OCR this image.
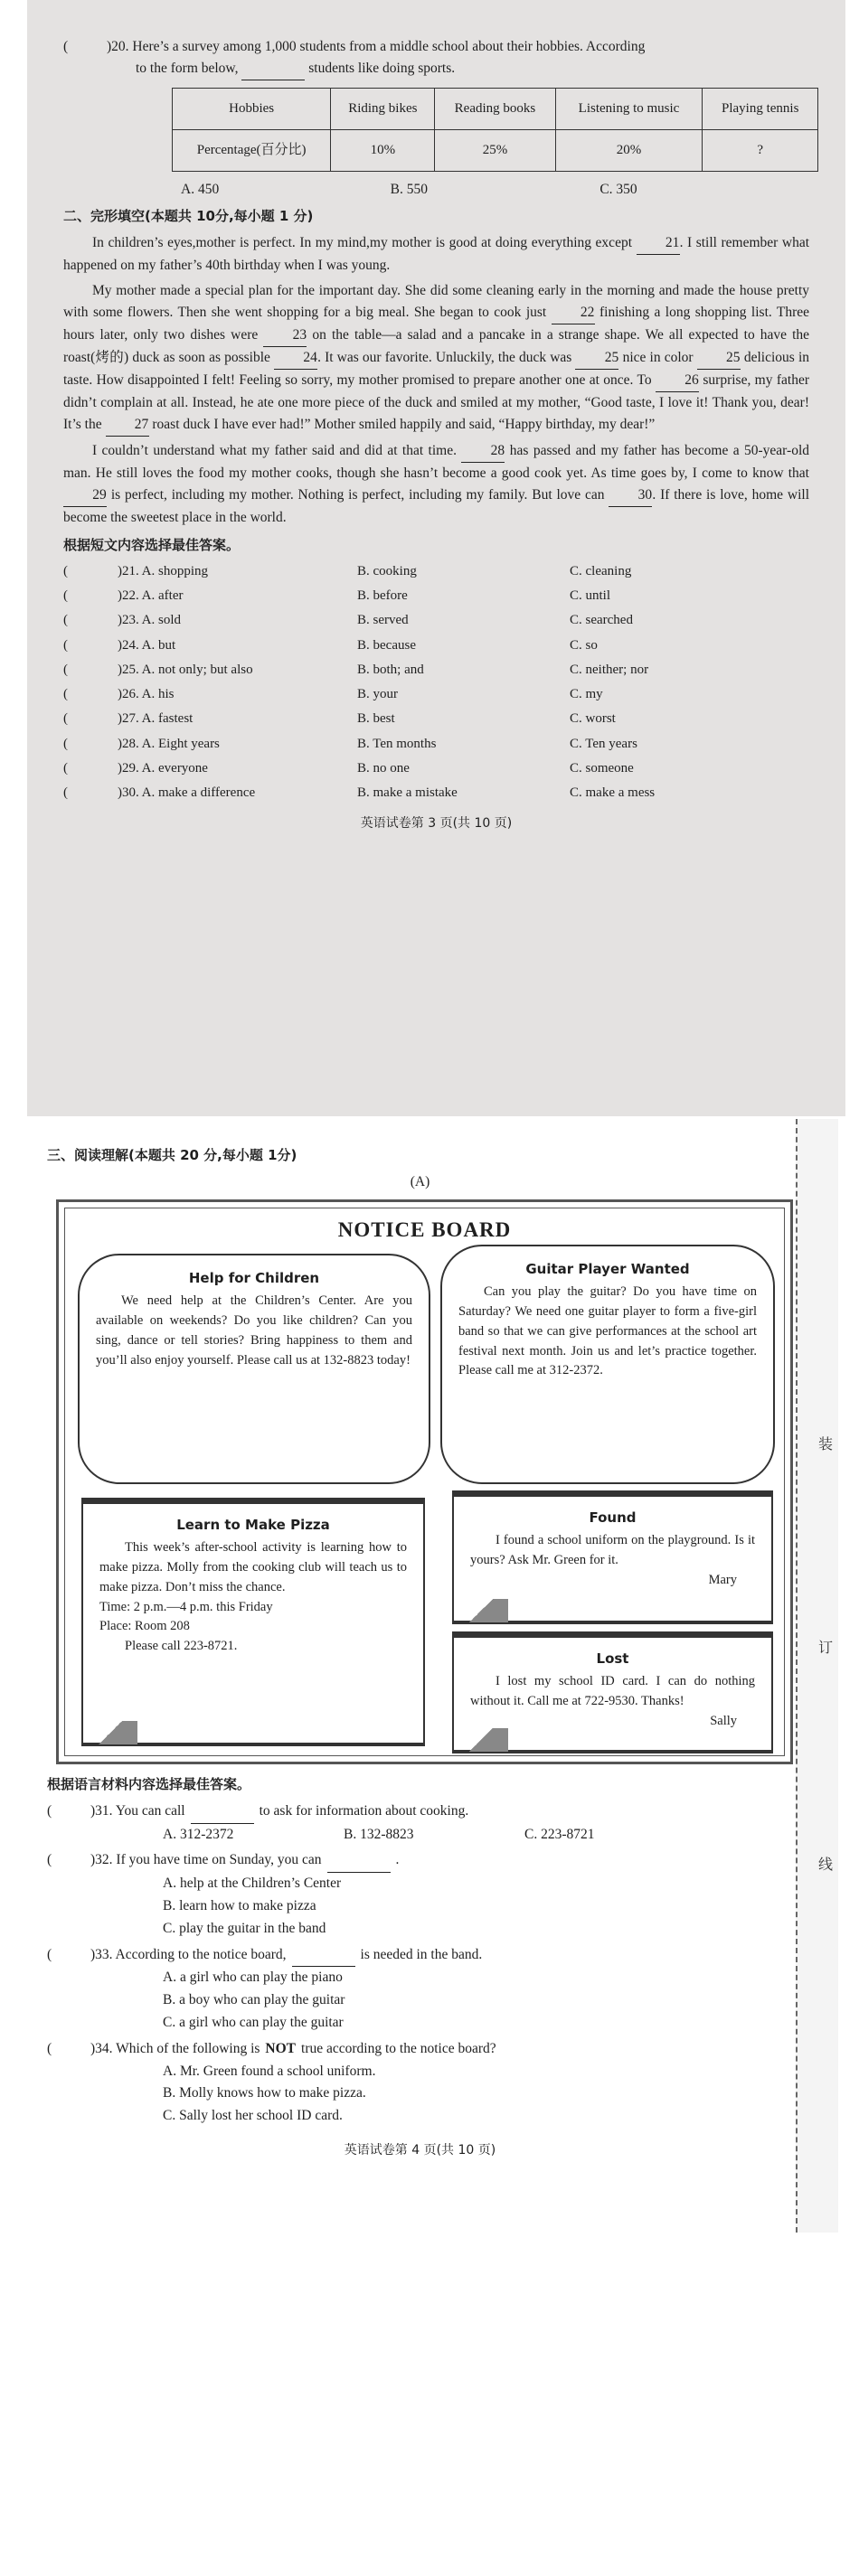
(	)20. Here’s a survey among 1,000 students from a middle school about their hobbies. According
to the form below,	students like doing sports.
Hobbies	Riding bikes	Reading books	Listening to music	Playing tennis
Percentage(百分比)	10%	25%	20%	?
A. 450	B. 550	C. 350
二、完形填空(本题共 10分,每小题 1 分)

In children’s eyes,mother is perfect. In my mind,my mother is good at doing everything except 21. I still remember what happened on my father’s 40th birthday when I was young.

My mother made a special plan for the important day. She did some cleaning early in the morning and made the house pretty with some flowers. Then she went shopping for a big meal. She began to cook just 22 finishing a long shopping list. Three hours later, only two dishes were 23 on the table—a salad and a pancake in a strange shape. We all expected to have the roast(烤的) duck as soon as possible 24. It was our favorite. Unluckily, the duck was 25 nice in color 25 delicious in taste. How disappointed I felt! Feeling so sorry, my mother promised to prepare another one at once. To 26 surprise, my father didn’t complain at all. Instead, he ate one more piece of the duck and smiled at my mother, “Good taste, I love it! Thank you, dear! It’s the 27 roast duck I have ever had!” Mother smiled happily and said, “Happy birthday, my dear!”

I couldn’t understand what my father said and did at that time. 28 has passed and my father has become a 50-year-old man. He still loves the food my mother cooks, though she hasn’t become a good cook yet. As time goes by, I come to know that 29 is perfect, including my mother. Nothing is perfect, including my family. But love can 30. If there is love, home will become the sweetest place in the world.

根据短文内容选择最佳答案。
(	)21. A. shopping	B. cooking	C. cleaning
(	)22. A. after	B. before	C. until
(	)23. A. sold	B. served	C. searched
(	)24. A. but	B. because	C. so
(	)25. A. not only; but also	B. both; and	C. neither; nor
(	)26. A. his	B. your	C. my
(	)27. A. fastest	B. best	C. worst
(	)28. A. Eight years	B. Ten months	C. Ten years
(	)29. A. everyone	B. no one	C. someone
(	)30. A. make a difference	B. make a mistake	C. make a mess
英语试卷第 3 页(共 10 页)
三、阅读理解(本题共 20 分,每小题 1分)
(A)
NOTICE BOARD
Help for Children

We need help at the Children’s Center. Are you available on weekends? Do you like children? Can you sing, dance or tell stories? Bring happiness to them and you’ll also enjoy yourself. Please call us at 132-8823 today!

Guitar Player Wanted

Can you play the guitar? Do you have time on Saturday? We need one guitar player to form a five-girl band so that we can give performances at the school art festival next month. Join us and let’s practice together. Please call me at 312-2372.

Learn to Make Pizza

This week’s after-school activity is learning how to make pizza. Molly from the cooking club will teach us to make pizza. Don’t miss the chance.

Time: 2 p.m.—4 p.m. this Friday
Place: Room 208
Please call 223-8721.
Found

I found a school uniform on the playground. Is it yours? Ask Mr. Green for it.

Mary
Lost

I lost my school ID card. I can do nothing without it. Call me at 722-9530. Thanks!

Sally
根据语言材料内容选择最佳答案。
(	)31. You can call
	to ask for information about cooking.
A. 312-2372	B. 132-8823	C. 223-8721
(	)32. If you have time on Sunday, you can
	.
A. help at the Children’s Center
B. learn how to make pizza
C. play the guitar in the band
(	)33. According to the notice board,
	is needed in the band.
A. a girl who can play the piano
B. a boy who can play the guitar
C. a girl who can play the guitar
(	)34. Which of the following is NOT true according to the notice board?
A. Mr. Green found a school uniform.
B. Molly knows how to make pizza.
C. Sally lost her school ID card.
英语试卷第 4 页(共 10 页)
装
订
线
